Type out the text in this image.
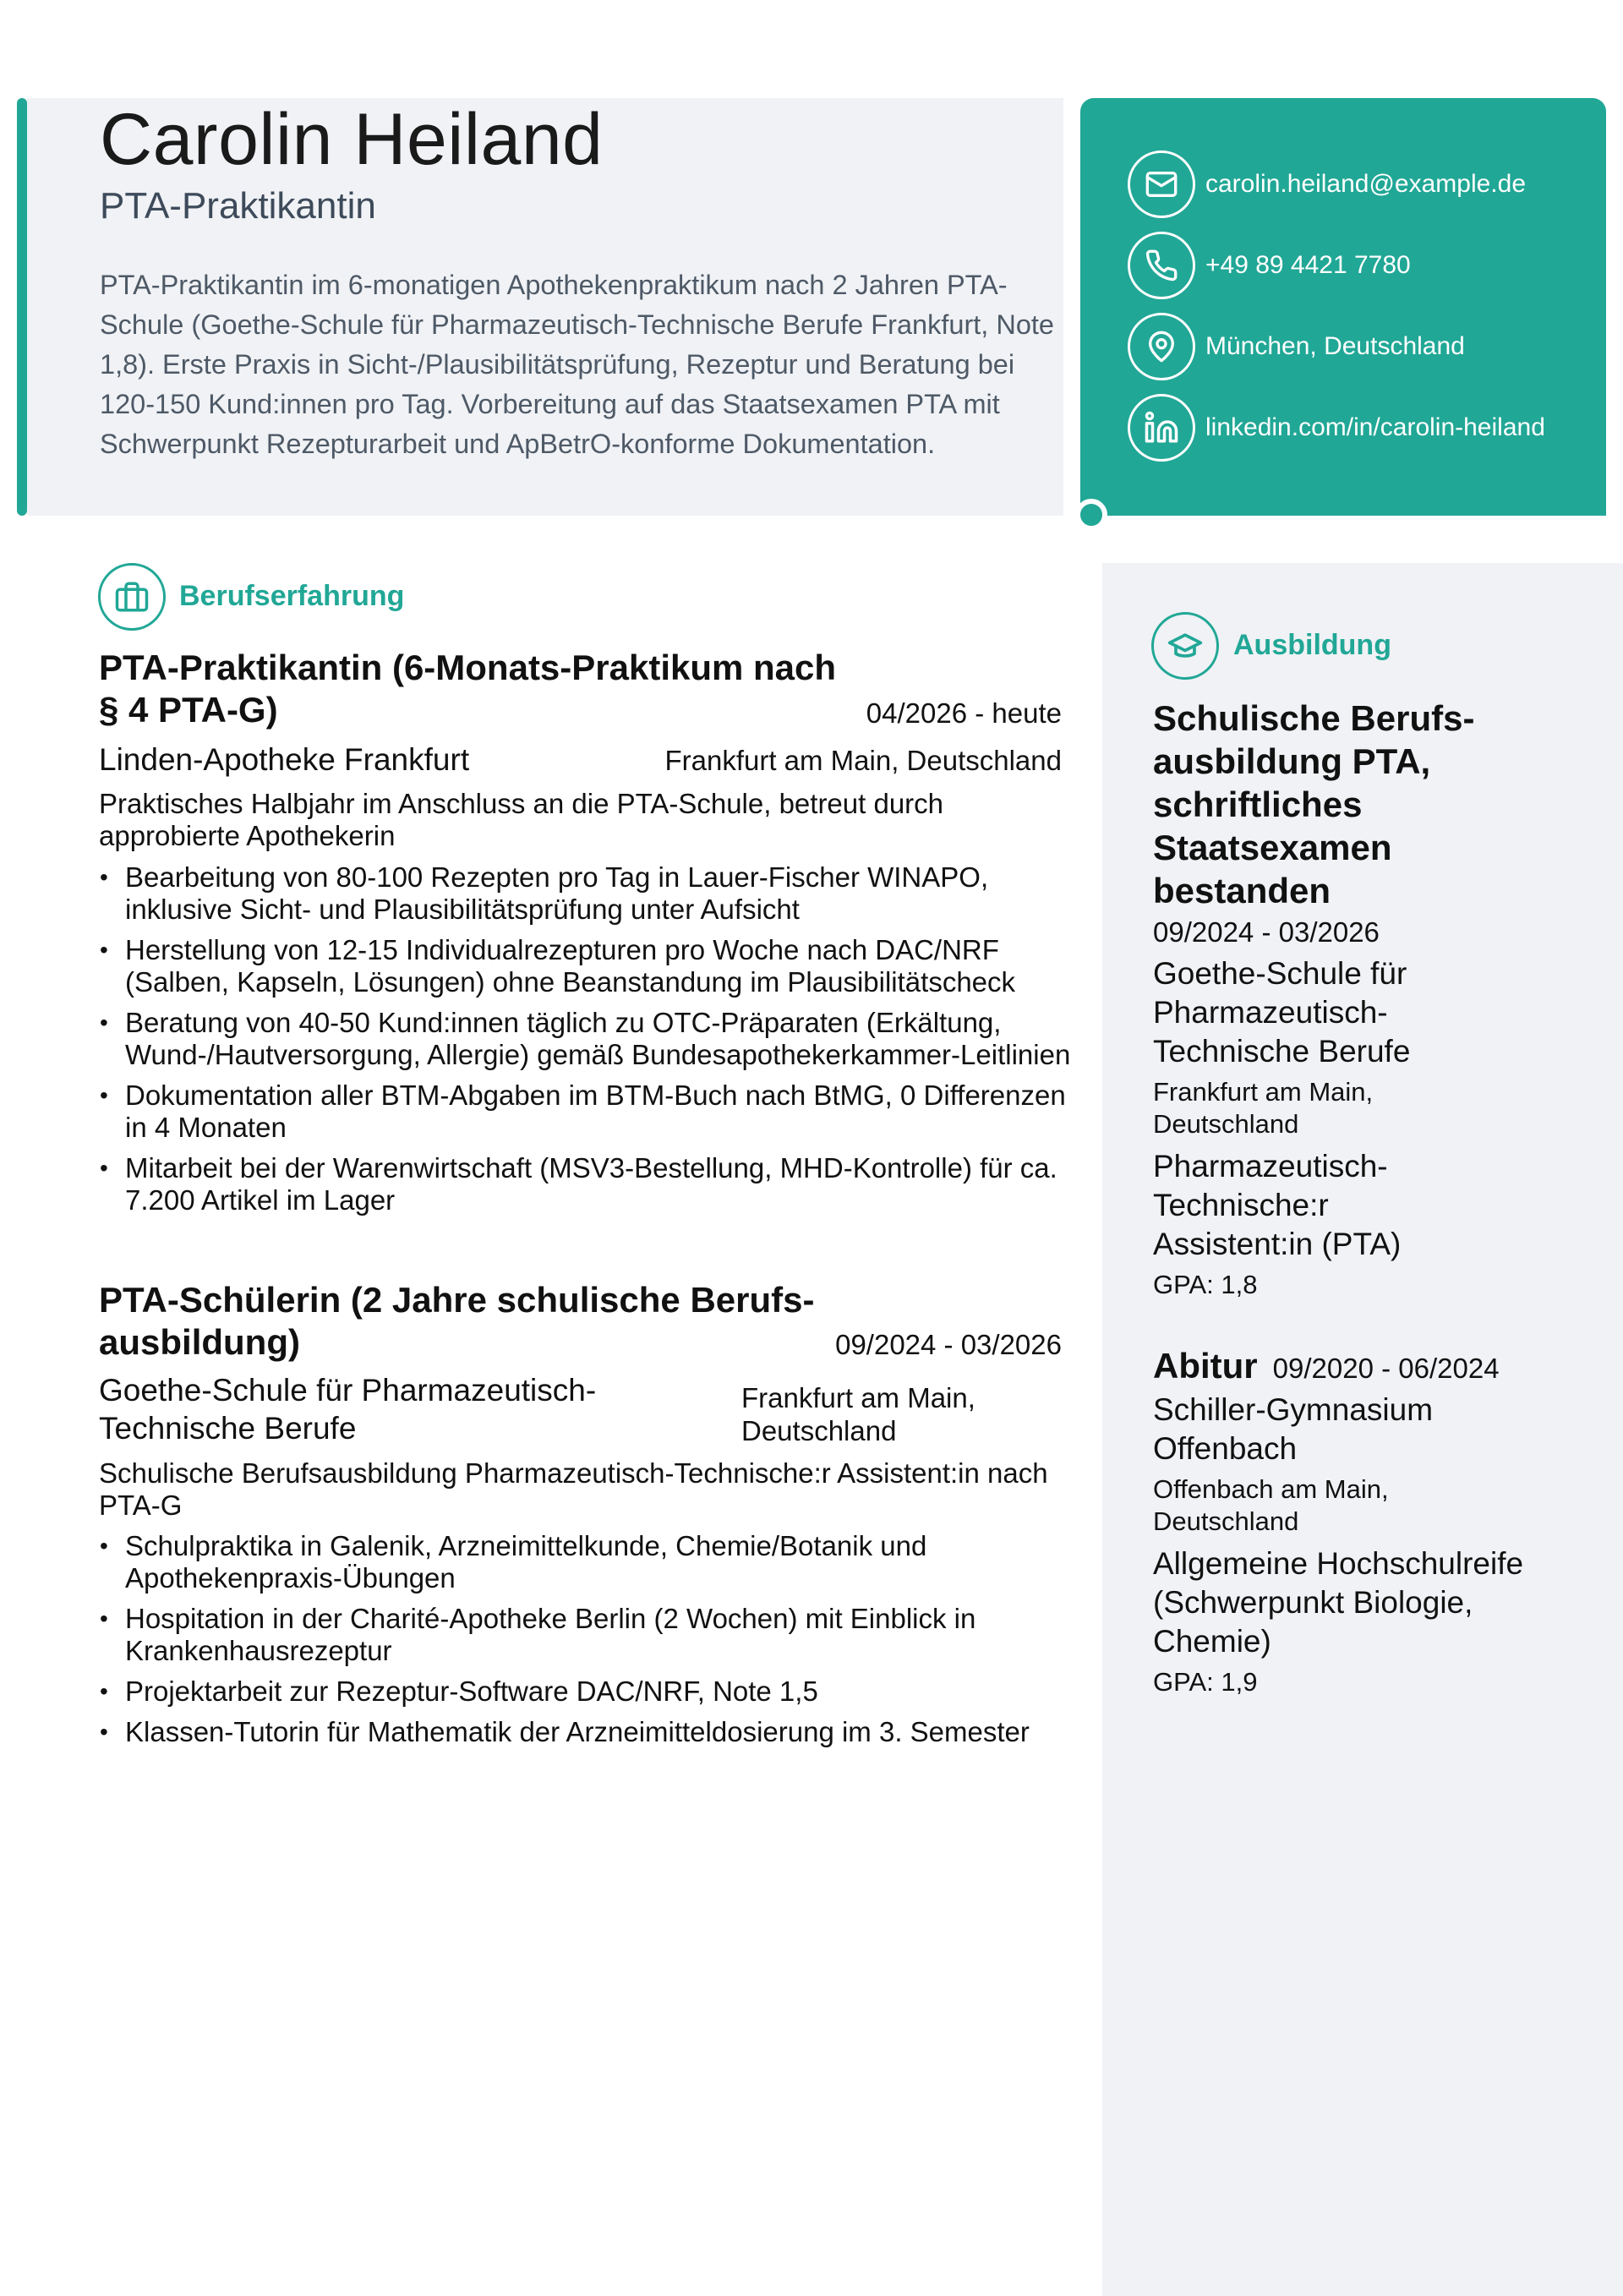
Carolin Heiland
PTA-Praktikantin

PTA-Praktikantin im 6-monatigen Apothekenpraktikum nach 2 Jahren PTA-Schule (Goethe-Schule für Pharmazeutisch-Technische Berufe Frankfurt, Note 1,8). Erste Praxis in Sicht-/Plausibilitätsprüfung, Rezeptur und Beratung bei 120-150 Kund:innen pro Tag. Vorbereitung auf das Staatsexamen PTA mit Schwerpunkt Rezepturarbeit und ApBetrO-konforme Dokumentation.

carolin.heiland@example.de
+49 89 4421 7780
München, Deutschland
linkedin.com/in/carolin-heiland
Berufserfahrung
PTA-Praktikantin (6-Monats-Praktikum nach § 4 PTA-G)	04/2026 - heute
Linden-Apotheke Frankfurt	Frankfurt am Main, Deutschland
Praktisches Halbjahr im Anschluss an die PTA-Schule, betreut durch approbierte Apothekerin
• Bearbeitung von 80-100 Rezepten pro Tag in Lauer-Fischer WINAPO, inklusive Sicht- und Plausibilitätsprüfung unter Aufsicht
• Herstellung von 12-15 Individualrezepturen pro Woche nach DAC/NRF (Salben, Kapseln, Lösungen) ohne Beanstandung im Plausibilitätscheck
• Beratung von 40-50 Kund:innen täglich zu OTC-Präparaten (Erkältung, Wund-/Hautversorgung, Allergie) gemäß Bundesapothekerkammer-Leitlinien
• Dokumentation aller BTM-Abgaben im BTM-Buch nach BtMG, 0 Differenzen in 4 Monaten
• Mitarbeit bei der Warenwirtschaft (MSV3-Bestellung, MHD-Kontrolle) für ca. 7.200 Artikel im Lager
PTA-Schülerin (2 Jahre schulische Berufs-ausbildung)	09/2024 - 03/2026
Goethe-Schule für Pharmazeutisch-Technische Berufe
Frankfurt am Main, Deutschland
Schulische Berufsausbildung Pharmazeutisch-Technische:r Assistent:in nach PTA-G
• Schulpraktika in Galenik, Arzneimittelkunde, Chemie/Botanik und Apothekenpraxis-Übungen
• Hospitation in der Charité-Apotheke Berlin (2 Wochen) mit Einblick in Krankenhausrezeptur
• Projektarbeit zur Rezeptur-Software DAC/NRF, Note 1,5
• Klassen-Tutorin für Mathematik der Arzneimitteldosierung im 3. Semester
Ausbildung
Schulische Berufs-ausbildung PTA, schriftliches Staatsexamen bestanden
09/2024 - 03/2026
Goethe-Schule für Pharmazeutisch-Technische Berufe
Frankfurt am Main, Deutschland
Pharmazeutisch-Technische:r Assistent:in (PTA)
GPA: 1,8
Abitur 09/2020 - 06/2024
Schiller-Gymnasium Offenbach
Offenbach am Main, Deutschland
Allgemeine Hochschulreife (Schwerpunkt Biologie, Chemie)
GPA: 1,9
